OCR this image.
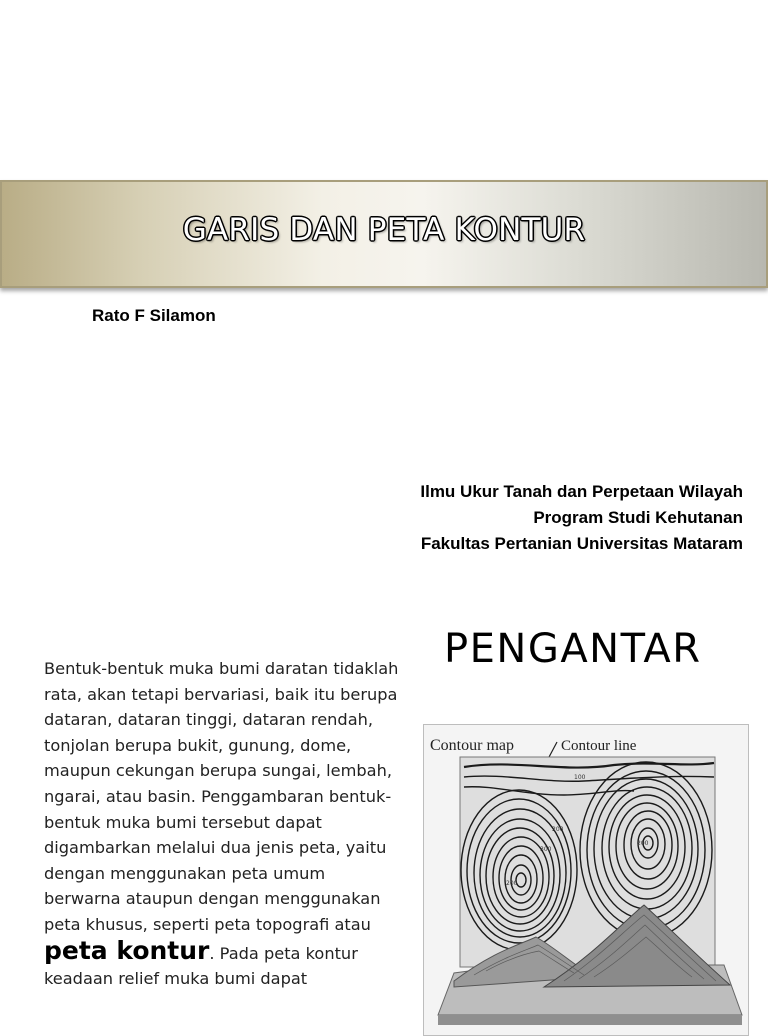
GARIS DAN PETA KONTUR
Rato F Silamon
Ilmu Ukur Tanah dan Perpetaan Wilayah
Program Studi Kehutanan
Fakultas Pertanian Universitas Mataram
PENGANTAR
Bentuk-bentuk muka bumi daratan tidaklah rata, akan tetapi bervariasi, baik itu berupa dataran, dataran tinggi, dataran rendah, tonjolan berupa bukit, gunung, dome, maupun cekungan berupa sungai, lembah, ngarai, atau basin. Penggambaran bentuk-bentuk muka bumi tersebut dapat digambarkan melalui dua jenis peta, yaitu dengan menggunakan peta umum berwarna ataupun dengan menggunakan peta khusus, seperti peta topografi atau
peta kontur. Pada peta kontur keadaan relief muka bumi dapat
Contour map	Contour line
100
200
300
200
200
